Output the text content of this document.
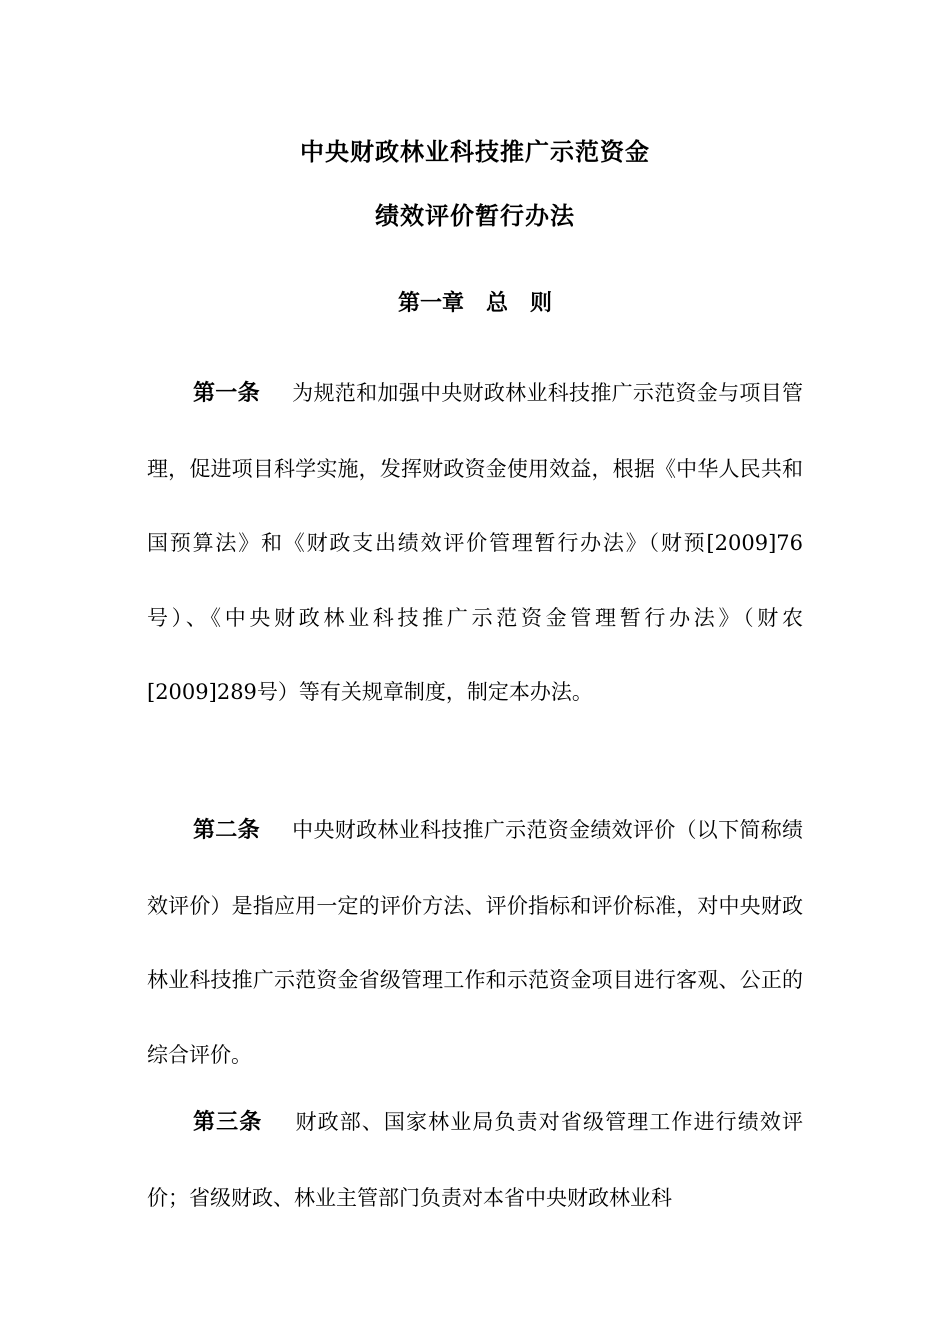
中央财政林业科技推广示范资金
绩效评价暂行办法
第一章　总　则

第一条 为规范和加强中央财政林业科技推广示范资金与项目管理，促进项目科学实施，发挥财政资金使用效益，根据《中华人民共和国预算法》和《财政支出绩效评价管理暂行办法》（财预[2009]76号）、《中央财政林业科技推广示范资金管理暂行办法》（财农[2009]289号）等有关规章制度，制定本办法。

第二条 中央财政林业科技推广示范资金绩效评价（以下简称绩效评价）是指应用一定的评价方法、评价指标和评价标准，对中央财政林业科技推广示范资金省级管理工作和示范资金项目进行客观、公正的综合评价。

第三条 财政部、国家林业局负责对省级管理工作进行绩效评价；省级财政、林业主管部门负责对本省中央财政林业科
